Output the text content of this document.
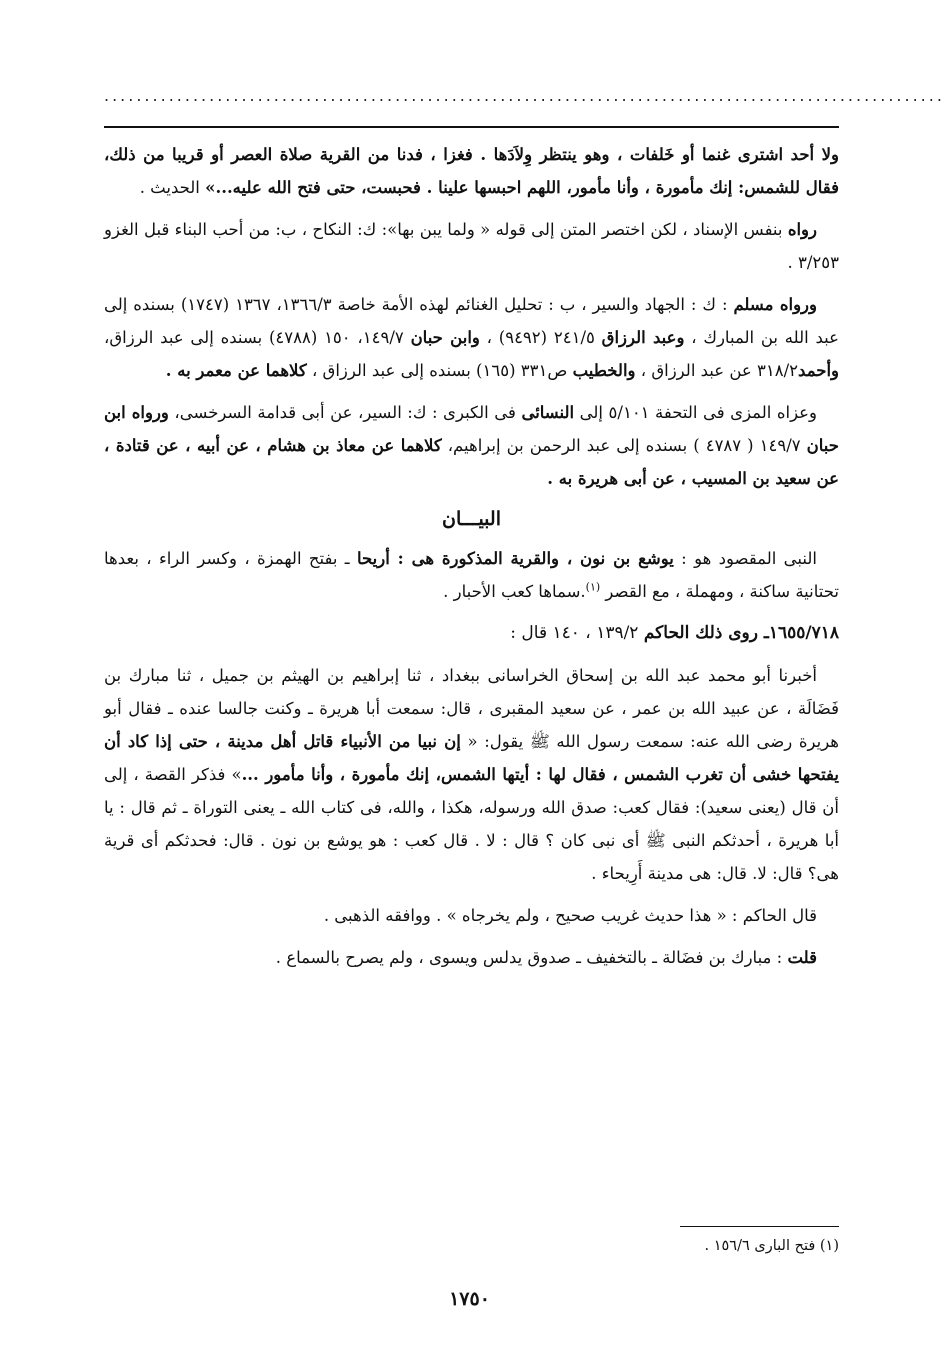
........................................................................................................

ولا أحد اشترى غنما أو خَلفات ، وهو ينتظر وِلاَدَها . فغزا ، فدنا من القرية صلاة العصر أو قريبا من ذلك، فقال للشمس: إنك مأمورة ، وأنا مأمور، اللهم احبسها علينا . فحبست، حتى فتح الله عليه...» الحديث .

رواه بنفس الإسناد ، لكن اختصر المتن إلى قوله « ولما يبن بها»: ك: النكاح ، ب: من أحب البناء قبل الغزو ٣/٢٥٣ .

ورواه مسلم : ك : الجهاد والسير ، ب : تحليل الغنائم لهذه الأمة خاصة ١٣٦٦/٣، ١٣٦٧ (١٧٤٧) بسنده إلى عبد الله بن المبارك ، وعبد الرزاق ٢٤١/٥ (٩٤٩٢) ، وابن حبان ١٤٩/٧، ١٥٠ (٤٧٨٨) بسنده إلى عبد الرزاق، وأحمد٣١٨/٢ عن عبد الرزاق ، والخطيب ص٣٣١ (١٦٥) بسنده إلى عبد الرزاق ، كلاهما عن معمر به .

وعزاه المزى فى التحفة ٥/١٠١ إلى النسائى فى الكبرى : ك: السير، عن أبى قدامة السرخسى، ورواه ابن حبان ١٤٩/٧ ( ٤٧٨٧ ) بسنده إلى عبد الرحمن بن إبراهيم، كلاهما عن معاذ بن هشام ، عن أبيه ، عن قتادة ، عن سعيد بن المسيب ، عن أبى هريرة به .

البيـــان

النبى المقصود هو : يوشع بن نون ، والقرية المذكورة هى : أريحا ـ بفتح الهمزة ، وكسر الراء ، بعدها تحتانية ساكنة ، ومهملة ، مع القصر $^{(١)}$.سماها كعب الأحبار .

١٦٥٥/٧١٨ـ روى ذلك الحاكم ١٣٩/٢ ، ١٤٠ قال :

أخبرنا أبو محمد عبد الله بن إسحاق الخراسانى ببغداد ، ثنا إبراهيم بن الهيثم بن جميل ، ثنا مبارك بن فَضَالَة ، عن عبيد الله بن عمر ، عن سعيد المقبرى ، قال: سمعت أبا هريرة ـ وكنت جالسا عنده ـ فقال أبو هريرة رضى الله عنه: سمعت رسول الله ﷺ يقول: « إن نبيا من الأنبياء قاتل أهل مدينة ، حتى إذا كاد أن يفتحها خشى أن تغرب الشمس ، فقال لها : أيتها الشمس، إنك مأمورة ، وأنا مأمور ...» فذكر القصة ، إلى أن قال (يعنى سعيد): فقال كعب: صدق الله ورسوله، هكذا ، والله، فى كتاب الله ـ يعنى التوراة ـ ثم قال : يا أبا هريرة ، أحدثكم النبى ﷺ أى نبى كان ؟ قال : لا . قال كعب : هو يوشع بن نون . قال: فحدثكم أى قرية هى؟ قال: لا. قال: هى مدينة أَرِيحاء .

قال الحاكم : « هذا حديث غريب صحيح ، ولم يخرجاه » . ووافقه الذهبى .

قلت : مبارك بن فضَالة ـ بالتخفيف ـ صدوق يدلس ويسوى ، ولم يصرح بالسماع .

(١) فتح البارى ١٥٦/٦ .
١٧٥٠
